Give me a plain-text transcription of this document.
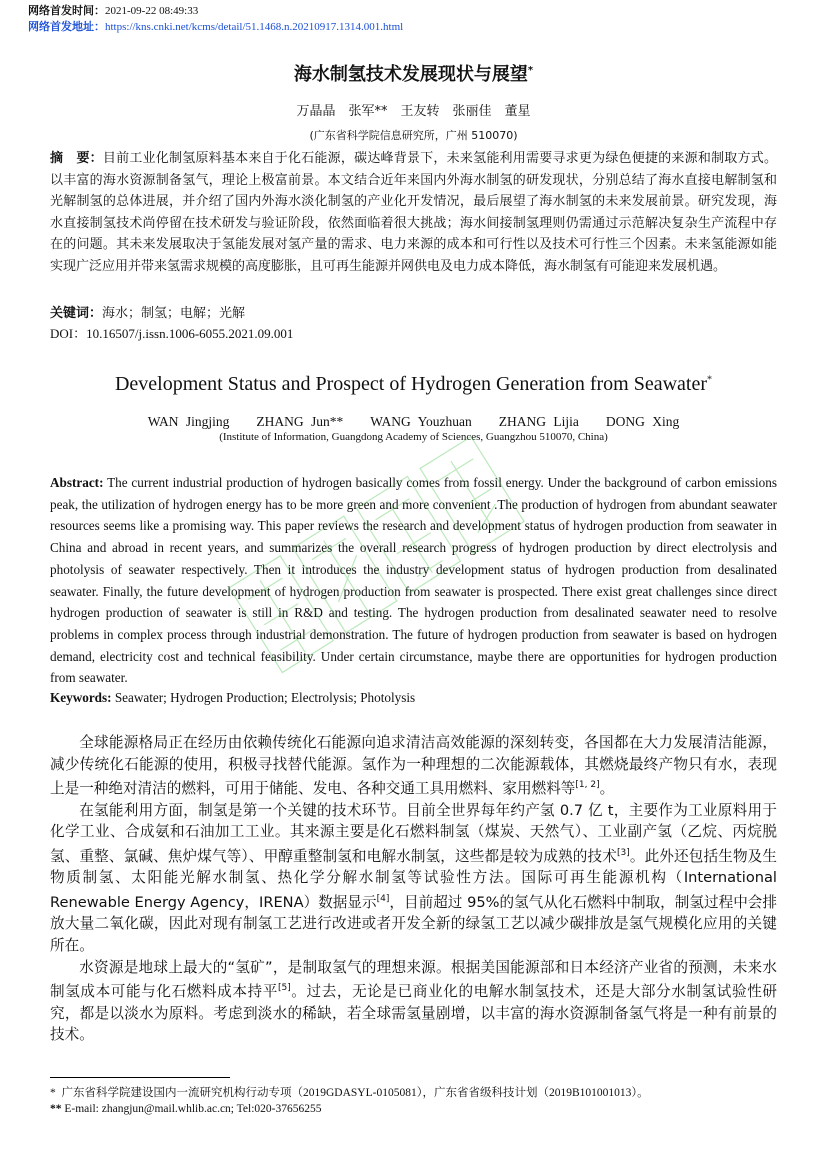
网络首发时间：2021-09-22 08:49:33
网络首发地址：https://kns.cnki.net/kcms/detail/51.1468.n.20210917.1314.001.html
海水制氢技术发展现状与展望*
万晶晶　张军**　王友转　张丽佳　董星
(广东省科学院信息研究所，广州 510070)
摘　要：目前工业化制氢原料基本来自于化石能源，碳达峰背景下，未来氢能利用需要寻求更为绿色便捷的来源和制取方式。以丰富的海水资源制备氢气，理论上极富前景。本文结合近年来国内外海水制氢的研发现状，分别总结了海水直接电解制氢和光解制氢的总体进展，并介绍了国内外海水淡化制氢的产业化开发情况，最后展望了海水制氢的未来发展前景。研究发现，海水直接制氢技术尚停留在技术研发与验证阶段，依然面临着很大挑战；海水间接制氢理则仍需通过示范解决复杂生产流程中存在的问题。其未来发展取决于氢能发展对氢产量的需求、电力来源的成本和可行性以及技术可行性三个因素。未来氢能源如能实现广泛应用并带来氢需求规模的高度膨胀，且可再生能源并网供电及电力成本降低，海水制氢有可能迎来发展机遇。
关键词：海水；制氢；电解；光解
DOI：10.16507/j.issn.1006-6055.2021.09.001
Development Status and Prospect of Hydrogen Generation from Seawater*
WAN Jingjing　　ZHANG Jun**　　WANG Youzhuan　　ZHANG Lijia　　DONG Xing
(Institute of Information, Guangdong Academy of Sciences, Guangzhou 510070, China)
Abstract: The current industrial production of hydrogen basically comes from fossil energy. Under the background of carbon emissions peak, the utilization of hydrogen energy has to be more green and more convenient .The production of hydrogen from abundant seawater resources seems like a promising way. This paper reviews the research and development status of hydrogen production from seawater in China and abroad in recent years, and summarizes the overall research progress of hydrogen production by direct electrolysis and photolysis of seawater respectively. Then it introduces the industry development status of hydrogen production from desalinated seawater. Finally, the future development of hydrogen production from seawater is prospected. There exist great challenges since direct hydrogen production of seawater is still in R&D and testing. The hydrogen production from desalinated seawater need to resolve problems in complex process through industrial demonstration. The future of hydrogen production from seawater is based on hydrogen demand, electricity cost and technical feasibility. Under certain circumstance, maybe there are opportunities for hydrogen production from seawater.
Keywords: Seawater; Hydrogen Production; Electrolysis; Photolysis

全球能源格局正在经历由依赖传统化石能源向追求清洁高效能源的深刻转变，各国都在大力发展清洁能源，减少传统化石能源的使用，积极寻找替代能源。氢作为一种理想的二次能源载体，其燃烧最终产物只有水，表现上是一种绝对清洁的燃料，可用于储能、发电、各种交通工具用燃料、家用燃料等[1, 2]。

在氢能利用方面，制氢是第一个关键的技术环节。目前全世界每年约产氢 0.7 亿 t，主要作为工业原料用于化学工业、合成氨和石油加工工业。其来源主要是化石燃料制氢（煤炭、天然气）、工业副产氢（乙烷、丙烷脱氢、重整、氯碱、焦炉煤气等）、甲醇重整制氢和电解水制氢，这些都是较为成熟的技术[3]。此外还包括生物及生物质制氢、太阳能光解水制氢、热化学分解水制氢等试验性方法。国际可再生能源机构（International Renewable Energy Agency，IRENA）数据显示[4]，目前超过 95%的氢气从化石燃料中制取，制氢过程中会排放大量二氧化碳，因此对现有制氢工艺进行改进或者开发全新的绿氢工艺以减少碳排放是氢气规模化应用的关键所在。

水资源是地球上最大的“氢矿”，是制取氢气的理想来源。根据美国能源部和日本经济产业省的预测，未来水制氢成本可能与化石燃料成本持平[5]。过去，无论是已商业化的电解水制氢技术，还是大部分水制氢试验性研究，都是以淡水为原料。考虑到淡水的稀缺，若全球需氢量剧增，以丰富的海水资源制备氢气将是一种有前景的技术。

* 广东省科学院建设国内一流研究机构行动专项（2019GDASYL-0105081），广东省省级科技计划（2019B101001013）。
** E-mail: zhangjun@mail.whlib.ac.cn; Tel:020-37656255
